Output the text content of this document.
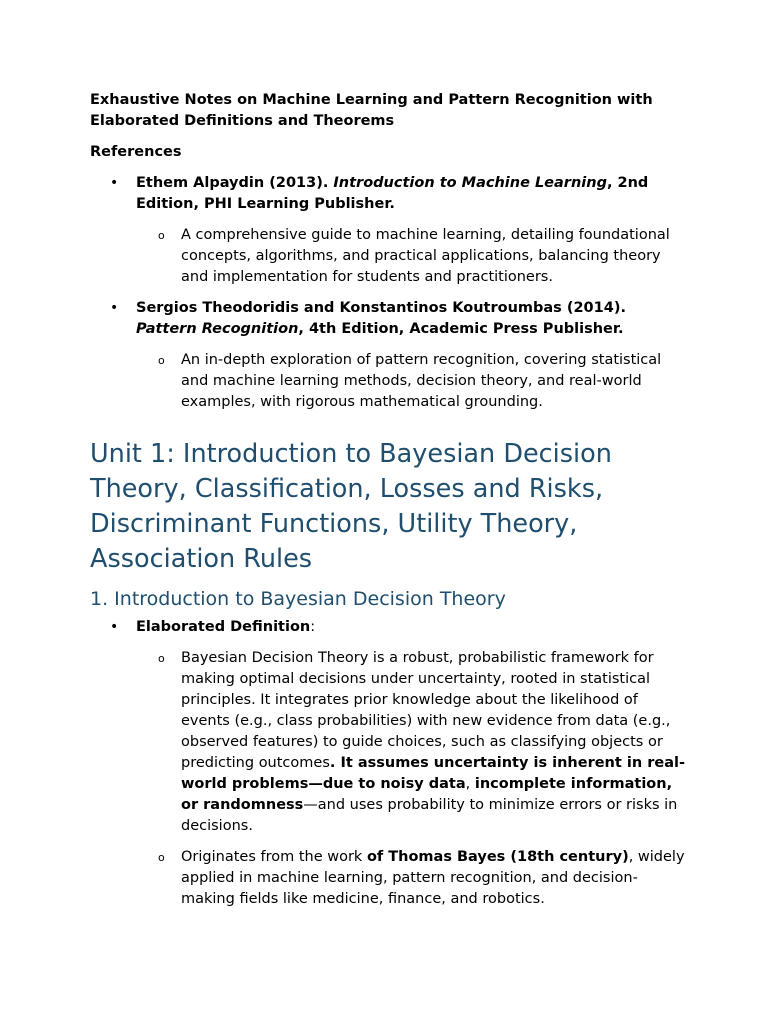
Exhaustive Notes on Machine Learning and Pattern Recognition with Elaborated Definitions and Theorems
References
• Ethem Alpaydin (2013). Introduction to Machine Learning, 2nd Edition, PHI Learning Publisher.
o A comprehensive guide to machine learning, detailing foundational concepts, algorithms, and practical applications, balancing theory and implementation for students and practitioners.
• Sergios Theodoridis and Konstantinos Koutroumbas (2014). Pattern Recognition, 4th Edition, Academic Press Publisher.
o An in-depth exploration of pattern recognition, covering statistical and machine learning methods, decision theory, and real-world examples, with rigorous mathematical grounding.
Unit 1: Introduction to Bayesian Decision Theory, Classification, Losses and Risks, Discriminant Functions, Utility Theory, Association Rules
1. Introduction to Bayesian Decision Theory
• Elaborated Definition:
o Bayesian Decision Theory is a robust, probabilistic framework for making optimal decisions under uncertainty, rooted in statistical principles. It integrates prior knowledge about the likelihood of events (e.g., class probabilities) with new evidence from data (e.g., observed features) to guide choices, such as classifying objects or predicting outcomes. It assumes uncertainty is inherent in real-world problems—due to noisy data, incomplete information, or randomness—and uses probability to minimize errors or risks in decisions.
o Originates from the work of Thomas Bayes (18th century), widely applied in machine learning, pattern recognition, and decision-making fields like medicine, finance, and robotics.
